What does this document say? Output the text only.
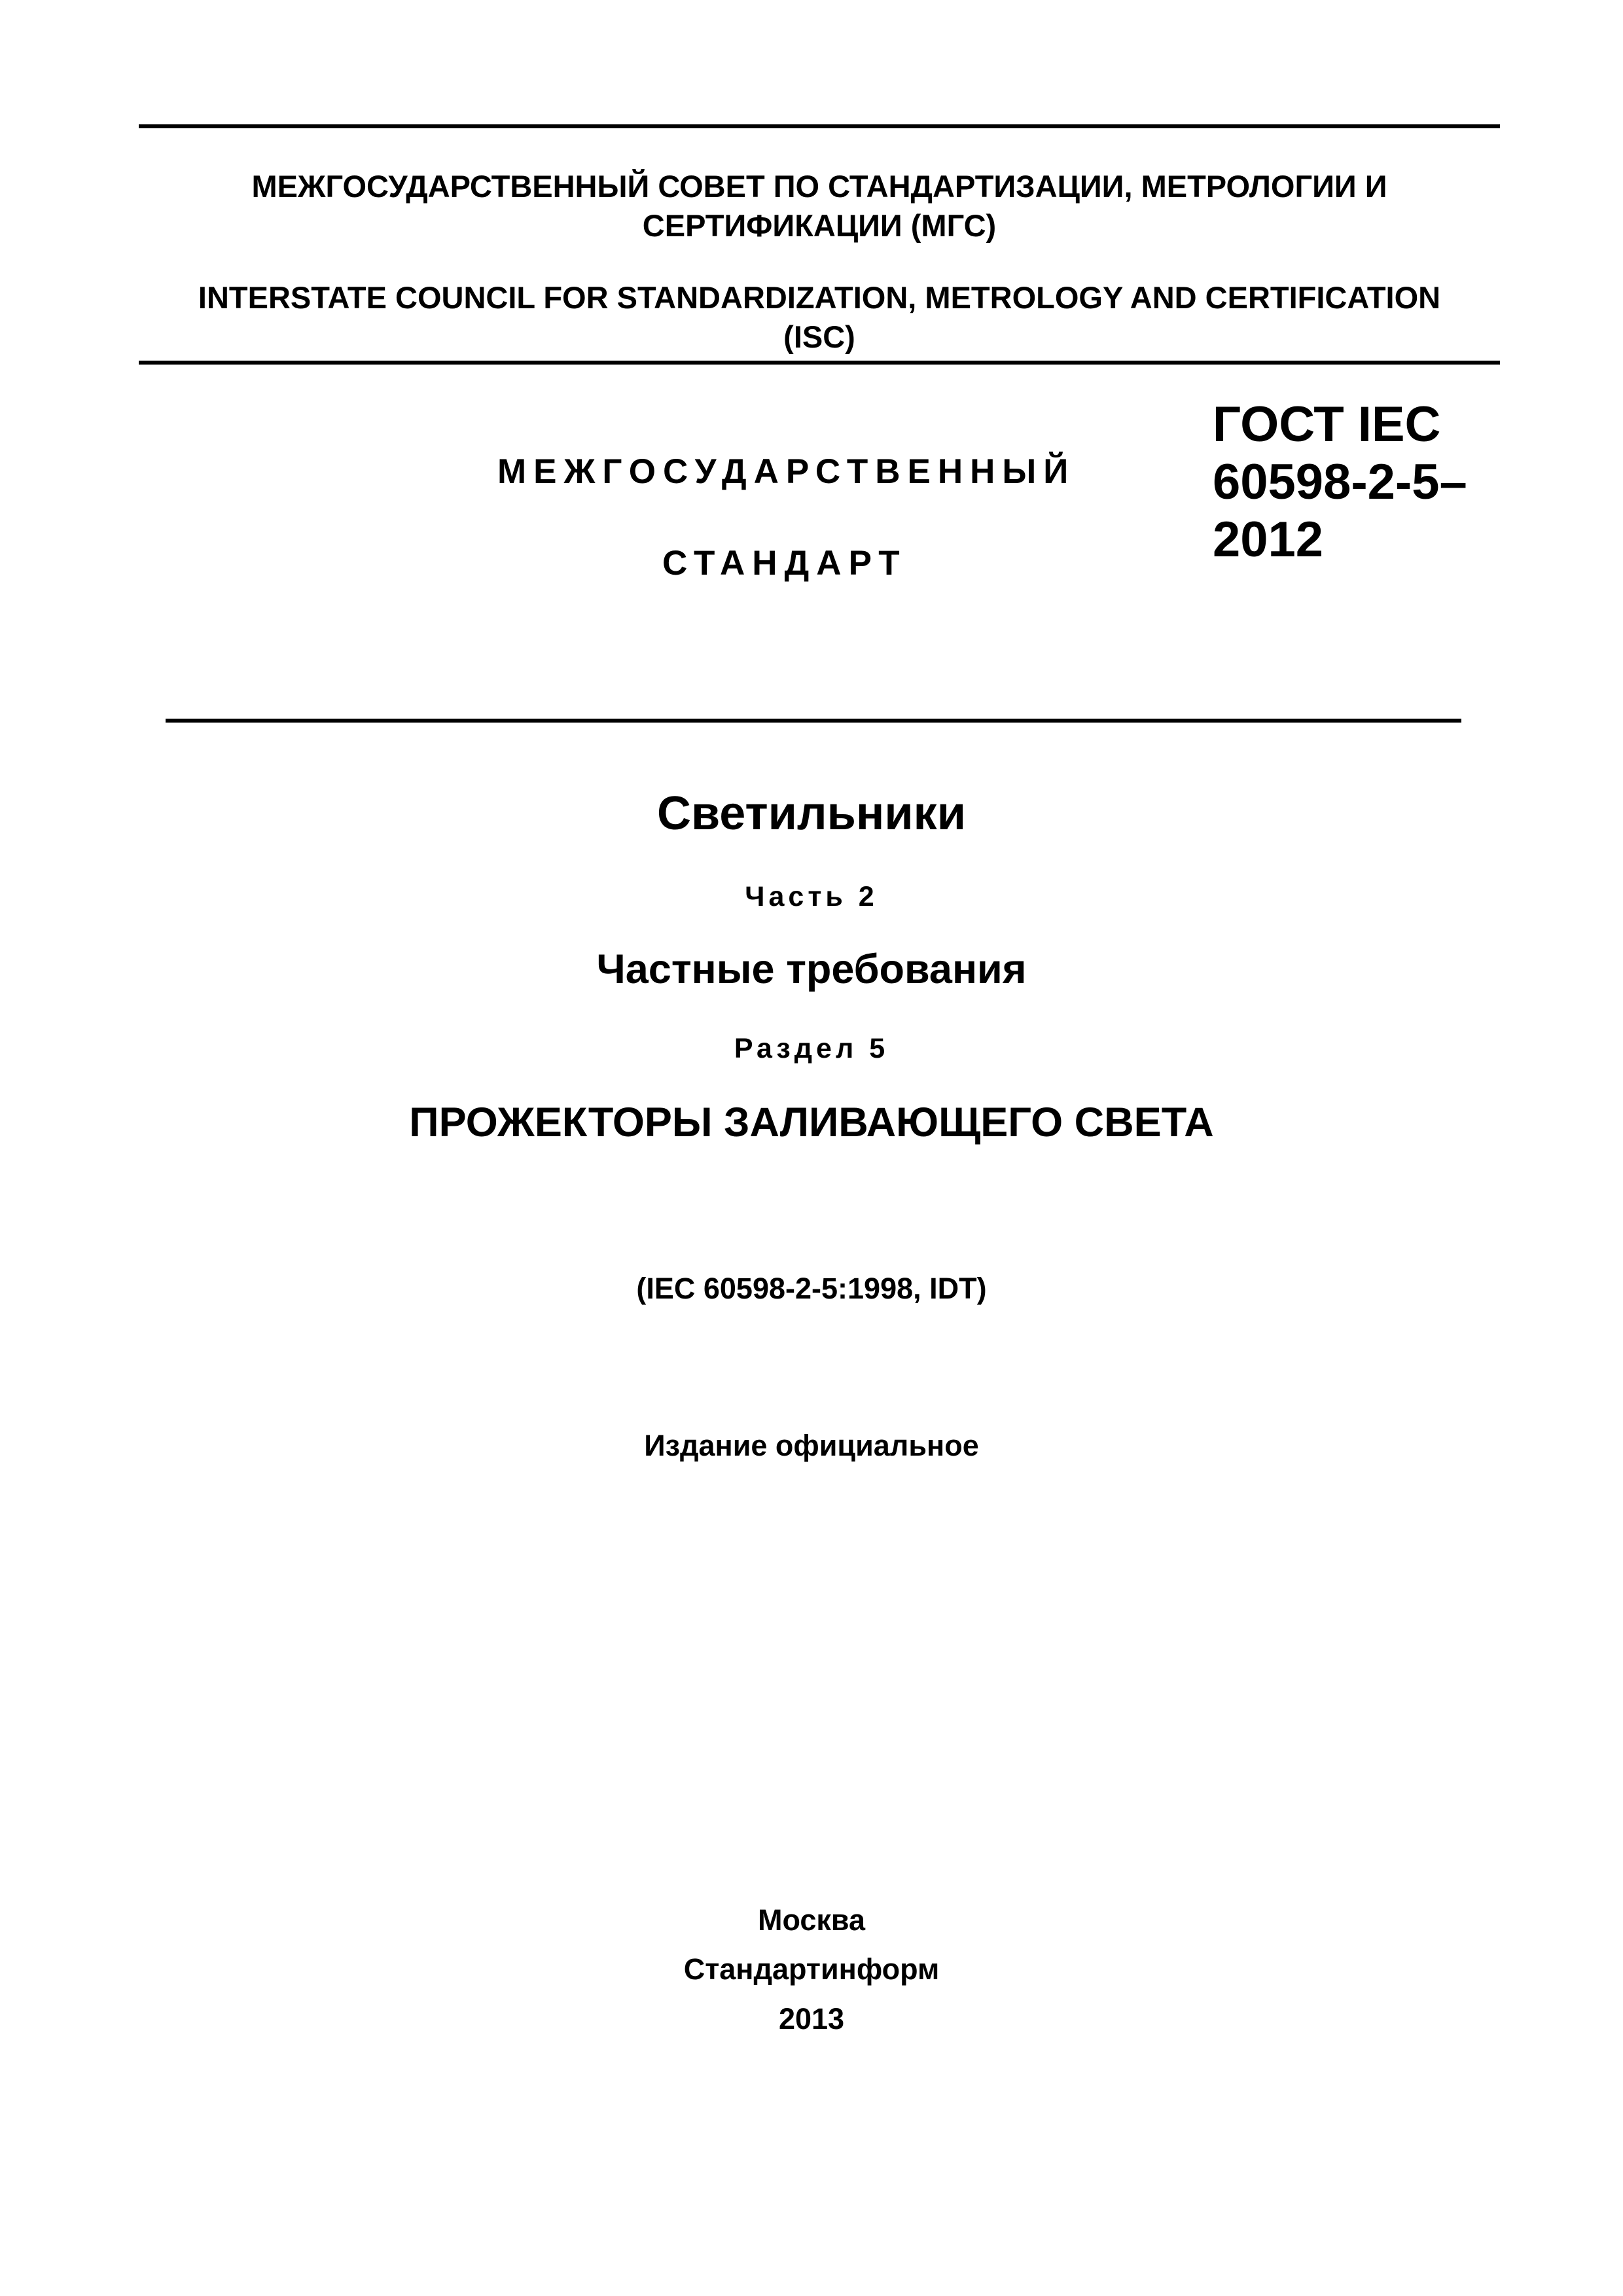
МЕЖГОСУДАРСТВЕННЫЙ СОВЕТ ПО СТАНДАРТИЗАЦИИ, МЕТРОЛОГИИ И
СЕРТИФИКАЦИИ (МГС)
INTERSTATE COUNCIL FOR STANDARDIZATION, METROLOGY AND CERTIFICATION
(ISC)
МЕЖГОСУДАРСТВЕННЫЙ
СТАНДАРТ
ГОСТ IEC
60598-2-5–
2012
Светильники
Часть 2
Частные требования
Раздел 5
ПРОЖЕКТОРЫ ЗАЛИВАЮЩЕГО СВЕТА
(IEC 60598-2-5:1998, IDT)
Издание официальное
Москва
Стандартинформ
2013
